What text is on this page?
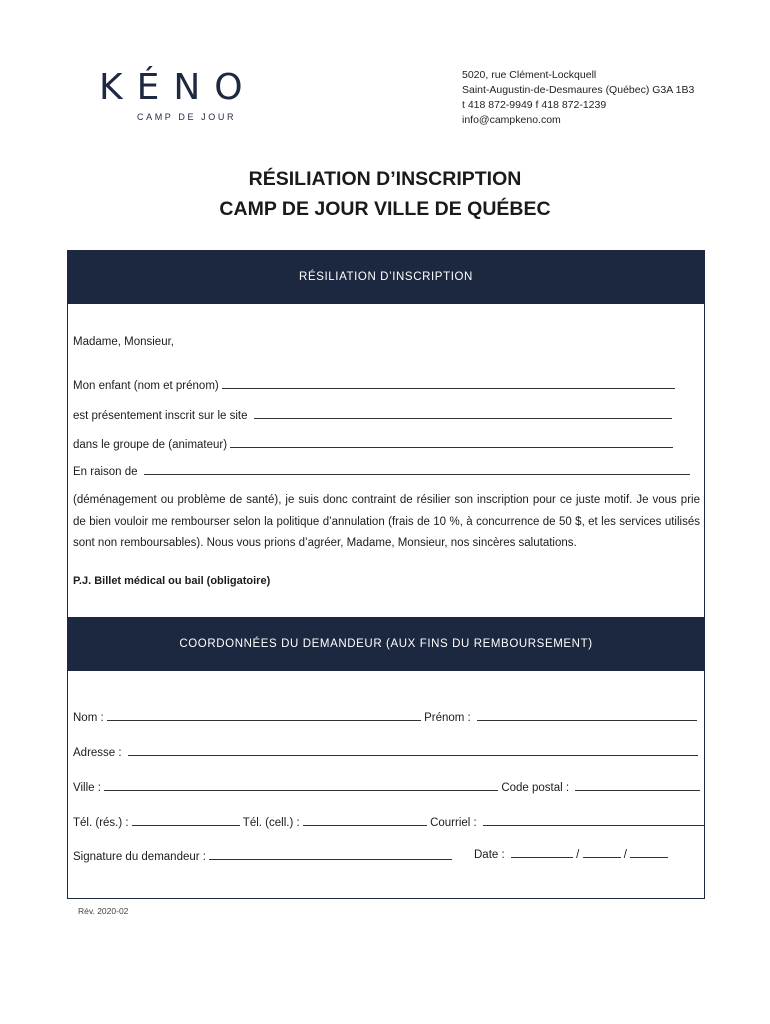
KÉNO
CAMP DE JOUR
5020, rue Clément-Lockquell
Saint-Augustin-de-Desmaures (Québec) G3A 1B3
t 418 872-9949 f 418 872-1239
info@campkeno.com
RÉSILIATION D’INSCRIPTION
CAMP DE JOUR VILLE DE QUÉBEC
RÉSILIATION D’INSCRIPTION
Madame, Monsieur,
Mon enfant (nom et prénom)
est présentement inscrit sur le site
dans le groupe de (animateur)
En raison de
(déménagement ou problème de santé), je suis donc contraint de résilier son inscription pour ce juste motif. Je vous prie de bien vouloir me rembourser selon la politique d’annulation (frais de 10 %, à concurrence de 50 $, et les services utilisés sont non remboursables). Nous vous prions d’agréer, Madame, Monsieur, nos sincères salutations.
P.J. Billet médical ou bail (obligatoire)
COORDONNÉES DU DEMANDEUR (AUX FINS DU REMBOURSEMENT)
Nom :	Prénom :
Adresse :
Ville :	Code postal :
Tél. (rés.) :	Tél. (cell.) :	Courriel :
Signature du demandeur :	Date :	/	/
Rév. 2020-02
